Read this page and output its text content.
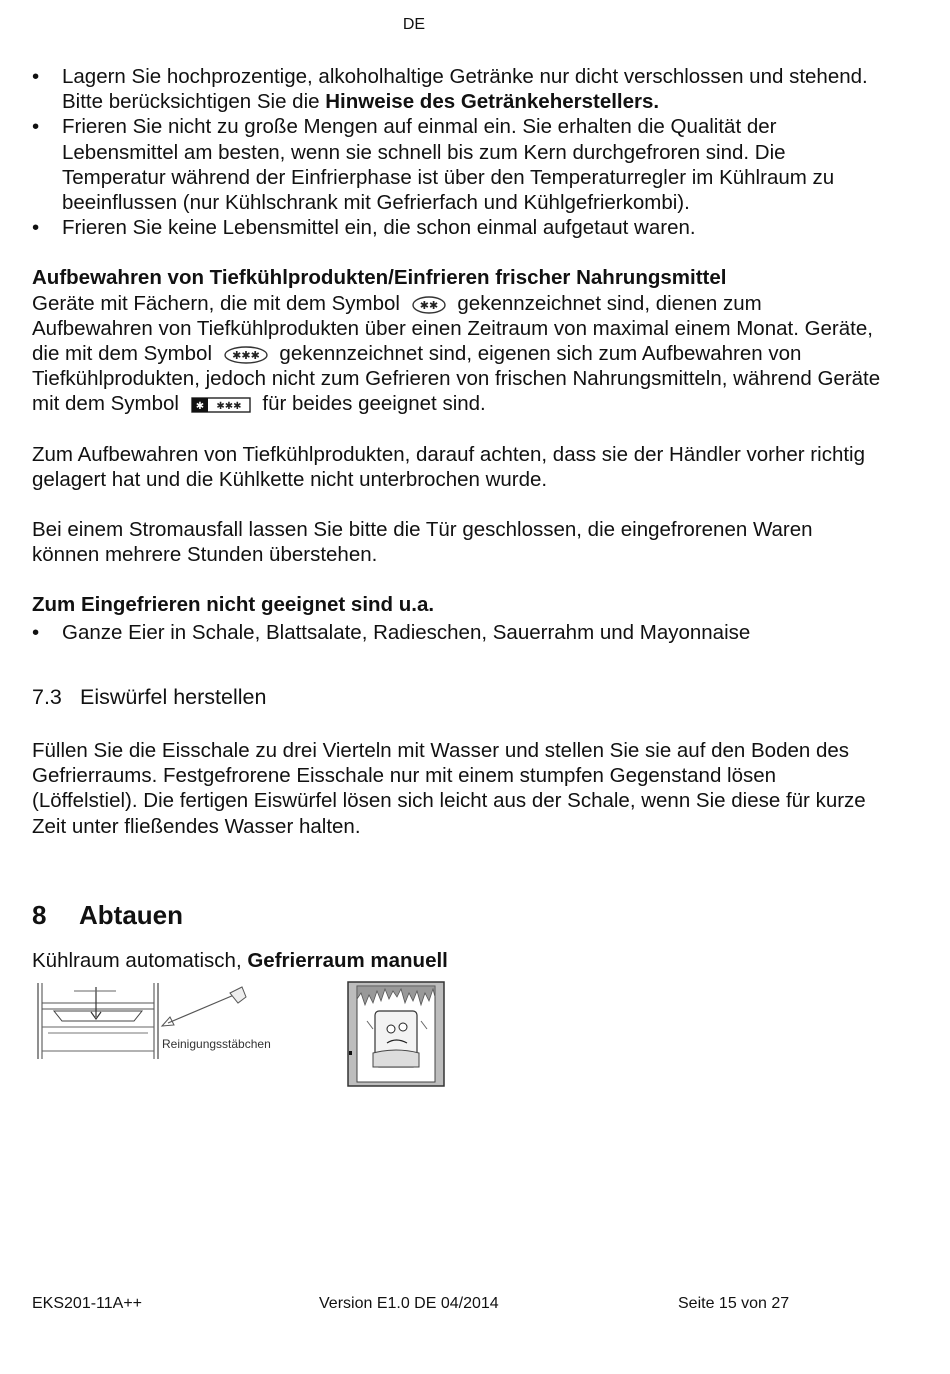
DE
•	Lagern Sie hochprozentige, alkoholhaltige Getränke nur dicht verschlossen und stehend. Bitte berücksichtigen Sie die Hinweise des Getränkeherstellers.
•	Frieren Sie nicht zu große Mengen auf einmal ein. Sie erhalten die Qualität der Lebensmittel am besten, wenn sie schnell bis zum Kern durchgefroren sind. Die Temperatur während der Einfrierphase ist über den Temperaturregler im Kühlraum zu beeinflussen (nur Kühlschrank mit Gefrierfach und Kühlgefrierkombi).
•	Frieren Sie keine Lebensmittel ein, die schon einmal aufgetaut waren.

Aufbewahren von Tiefkühlprodukten/Einfrieren frischer Nahrungsmittel

Geräte mit Fächern, die mit dem Symbol ✱✱ gekennzeichnet sind, dienen zum Aufbewahren von Tiefkühlprodukten über einen Zeitraum von maximal einem Monat. Geräte, die mit dem Symbol ✱✱✱ gekennzeichnet sind, eigenen sich zum Aufbewahren von Tiefkühlprodukten, jedoch nicht zum Gefrieren von frischen Nahrungsmitteln, während Geräte mit dem Symbol ✱ ✱✱✱ für beides geeignet sind.

Zum Aufbewahren von Tiefkühlprodukten, darauf achten, dass sie der Händler vorher richtig gelagert hat und die Kühlkette nicht unterbrochen wurde.

Bei einem Stromausfall lassen Sie bitte die Tür geschlossen, die eingefrorenen Waren können mehrere Stunden überstehen.

Zum Eingefrieren nicht geeignet sind u.a.

•	Ganze Eier in Schale, Blattsalate, Radieschen, Sauerrahm und Mayonnaise
7.3 Eiswürfel herstellen

Füllen Sie die Eisschale zu drei Vierteln mit Wasser und stellen Sie sie auf den Boden des Gefrierraums. Festgefrorene Eisschale nur mit einem stumpfen Gegenstand lösen (Löffelstiel). Die fertigen Eiswürfel lösen sich leicht aus der Schale, wenn Sie diese für kurze Zeit unter fließendes Wasser halten.

8 Abtauen

Kühlraum automatisch, Gefrierraum manuell

Reinigungsstäbchen
EKS201-11A++	Version E1.0 DE 04/2014	Seite 15 von 27
